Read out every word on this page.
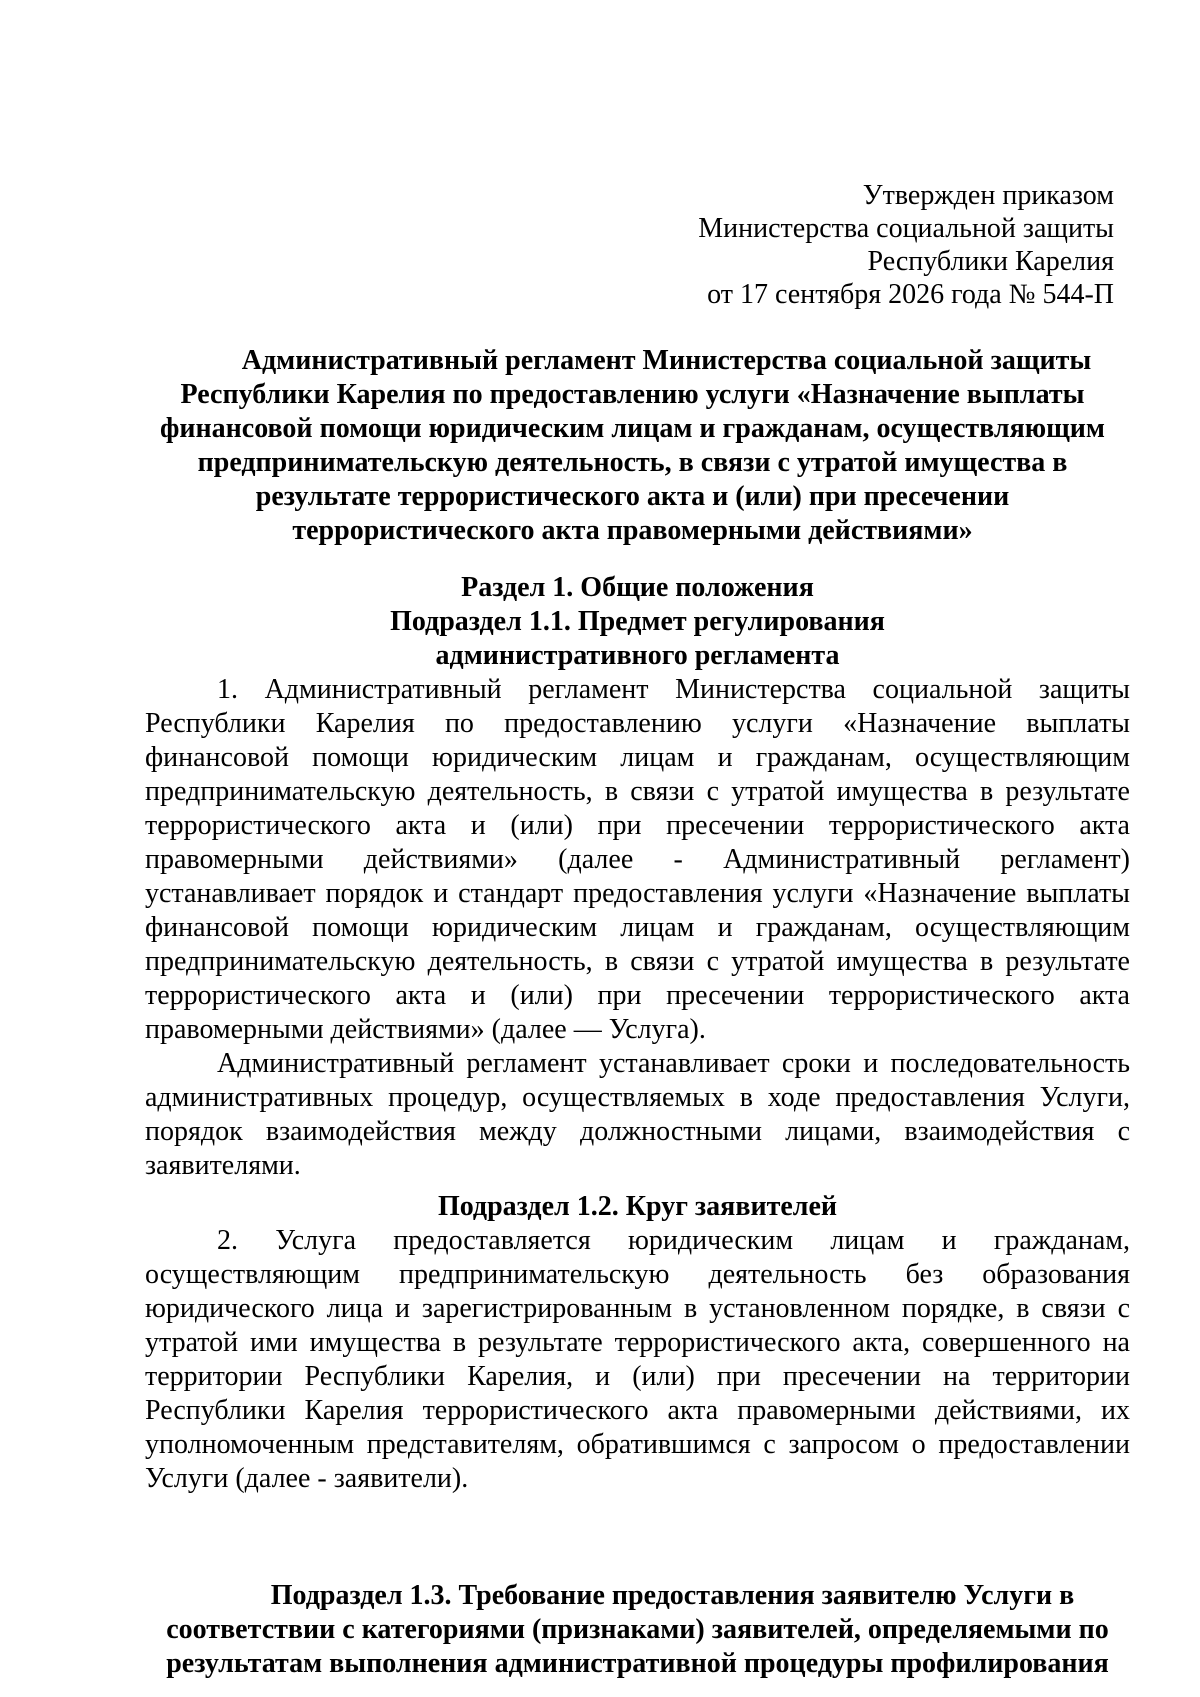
Утвержден приказом
Министерства социальной защиты
Республики Карелия
от 17 сентября 2026 года № 544-П
Административный регламент Министерства социальной защиты Республики Карелия по предоставлению услуги «Назначение выплаты финансовой помощи юридическим лицам и гражданам, осуществляющим предпринимательскую деятельность, в связи с утратой имущества в результате террористического акта и (или) при пресечении террористического акта правомерными действиями»
Раздел 1. Общие положения
Подраздел 1.1. Предмет регулирования административного регламента

1. Административный регламент Министерства социальной защиты Республики Карелия по предоставлению услуги «Назначение выплаты финансовой помощи юридическим лицам и гражданам, осуществляющим предпринимательскую деятельность, в связи с утратой имущества в результате террористического акта и (или) при пресечении террористического акта правомерными действиями» (далее - Административный регламент) устанавливает порядок и стандарт предоставления услуги «Назначение выплаты финансовой помощи юридическим лицам и гражданам, осуществляющим предпринимательскую деятельность, в связи с утратой имущества в результате террористического акта и (или) при пресечении террористического акта правомерными действиями» (далее — Услуга).

Административный регламент устанавливает сроки и последовательность административных процедур, осуществляемых в ходе предоставления Услуги, порядок взаимодействия между должностными лицами, взаимодействия с заявителями.

Подраздел 1.2. Круг заявителей

2. Услуга предоставляется юридическим лицам и гражданам, осуществляющим предпринимательскую деятельность без образования юридического лица и зарегистрированным в установленном порядке, в связи с утратой ими имущества в результате террористического акта, совершенного на территории Республики Карелия, и (или) при пресечении на территории Республики Карелия террористического акта правомерными действиями, их уполномоченным представителям, обратившимся с запросом о предоставлении Услуги (далее - заявители).

Подраздел 1.3. Требование предоставления заявителю Услуги в соответствии с категориями (признаками) заявителей, определяемыми по результатам выполнения административной процедуры профилирования
